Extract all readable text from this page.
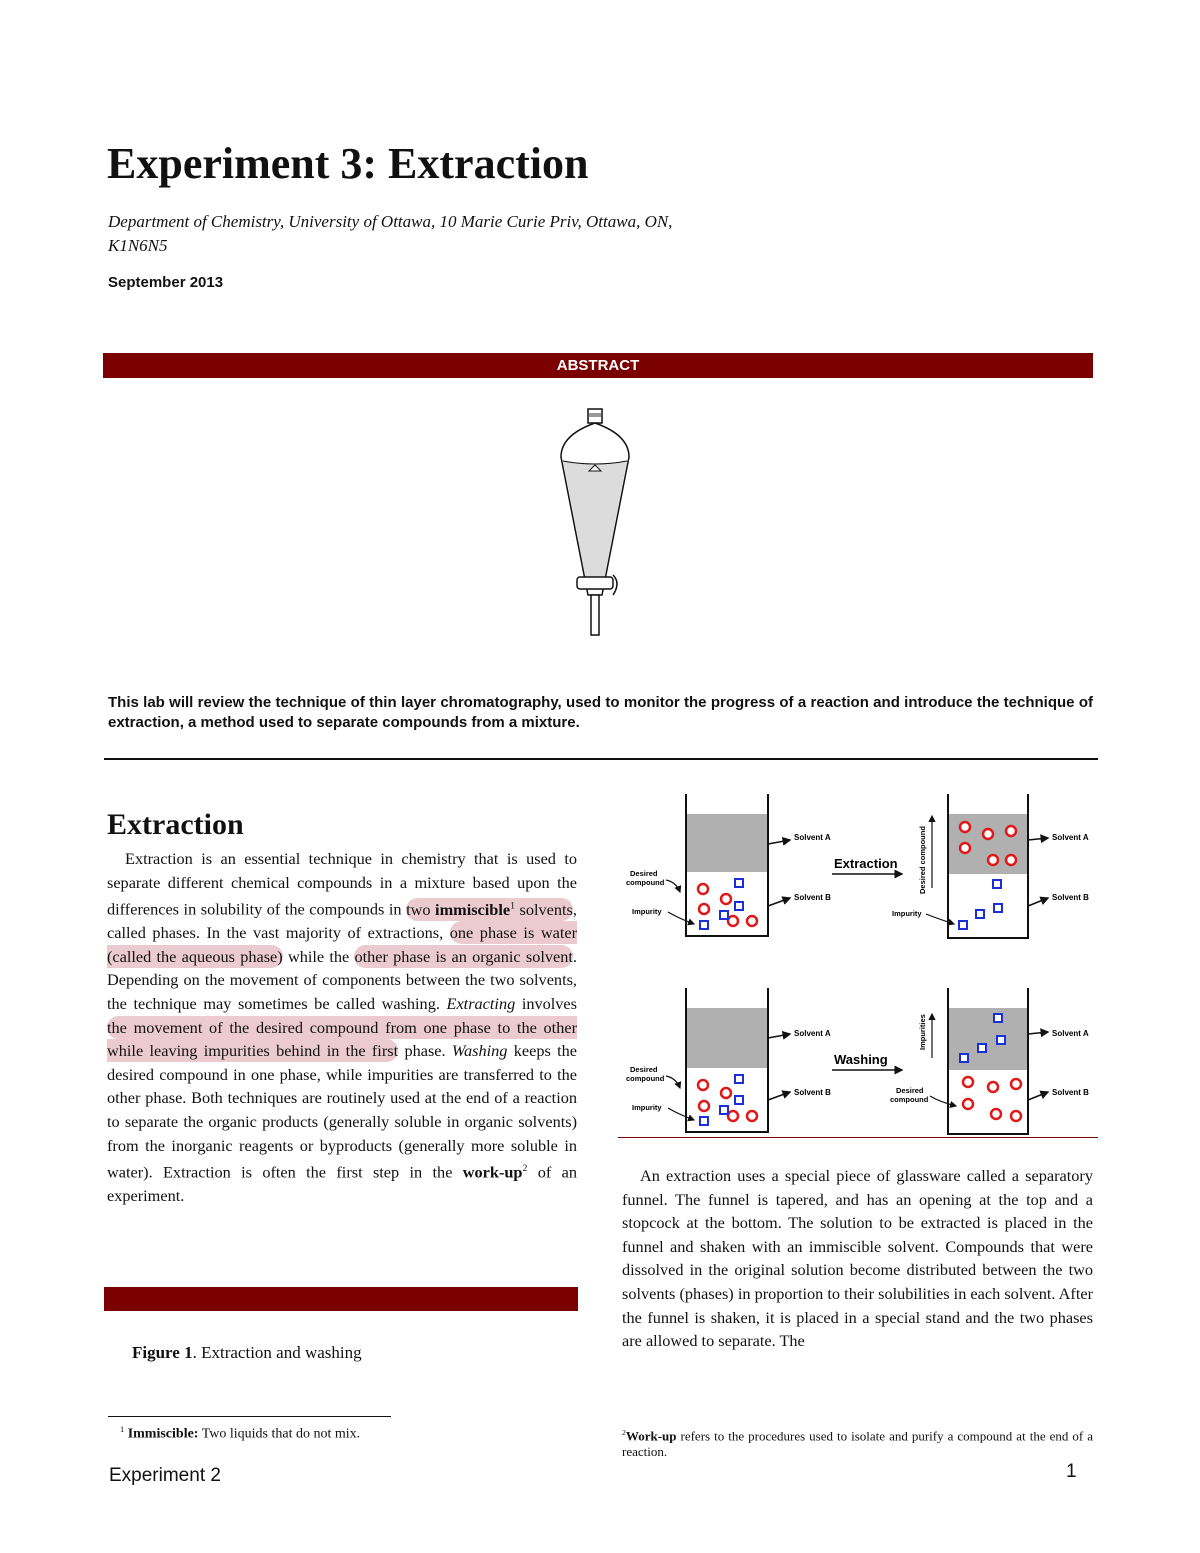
Experiment 3: Extraction
Department of Chemistry, University of Ottawa, 10 Marie Curie Priv, Ottawa, ON,
K1N6N5
September 2013
ABSTRACT
This lab will review the technique of thin layer chromatography, used to monitor the progress of a reaction and introduce the technique of extraction, a method used to separate compounds from a mixture.
Extraction

Extraction is an essential technique in chemistry that is used to separate different chemical compounds in a mixture based upon the differences in solubility of the compounds in two immiscible$^1$ solvents, called phases. In the vast majority of extractions, one phase is water (called the aqueous phase) while the other phase is an organic solvent. Depending on the movement of components between the two solvents, the technique may sometimes be called washing. Extracting involves the movement of the desired compound from one phase to the other while leaving impurities behind in the first phase. Washing keeps the desired compound in one phase, while impurities are transferred to the other phase. Both techniques are routinely used at the end of a reaction to separate the organic products (generally soluble in organic solvents) from the inorganic reagents or byproducts (generally more soluble in water). Extraction is often the first step in the work-$up^2$ of an experiment.

Figure 1. Extraction and washing
$^1$ Immiscible: Two liquids that do not mix.
Solvent A
Solvent B
Desired
compound
Impurity
Extraction
Solvent A
Solvent B
Desired compound
Impurity
Solvent A
Solvent B
Desired
compound
Impurity
Washing
Solvent A
Solvent B
Impurities
Desired
compound

An extraction uses a special piece of glassware called a separatory funnel. The funnel is tapered, and has an opening at the top and a stopcock at the bottom. The solution to be extracted is placed in the funnel and shaken with an immiscible solvent. Compounds that were dissolved in the original solution become distributed between the two solvents (phases) in proportion to their solubilities in each solvent. After the funnel is shaken, it is placed in a special stand and the two phases are allowed to separate. The

$^2$Work-up refers to the procedures used to isolate and purify a compound at the end of a reaction.
Experiment 2	1
